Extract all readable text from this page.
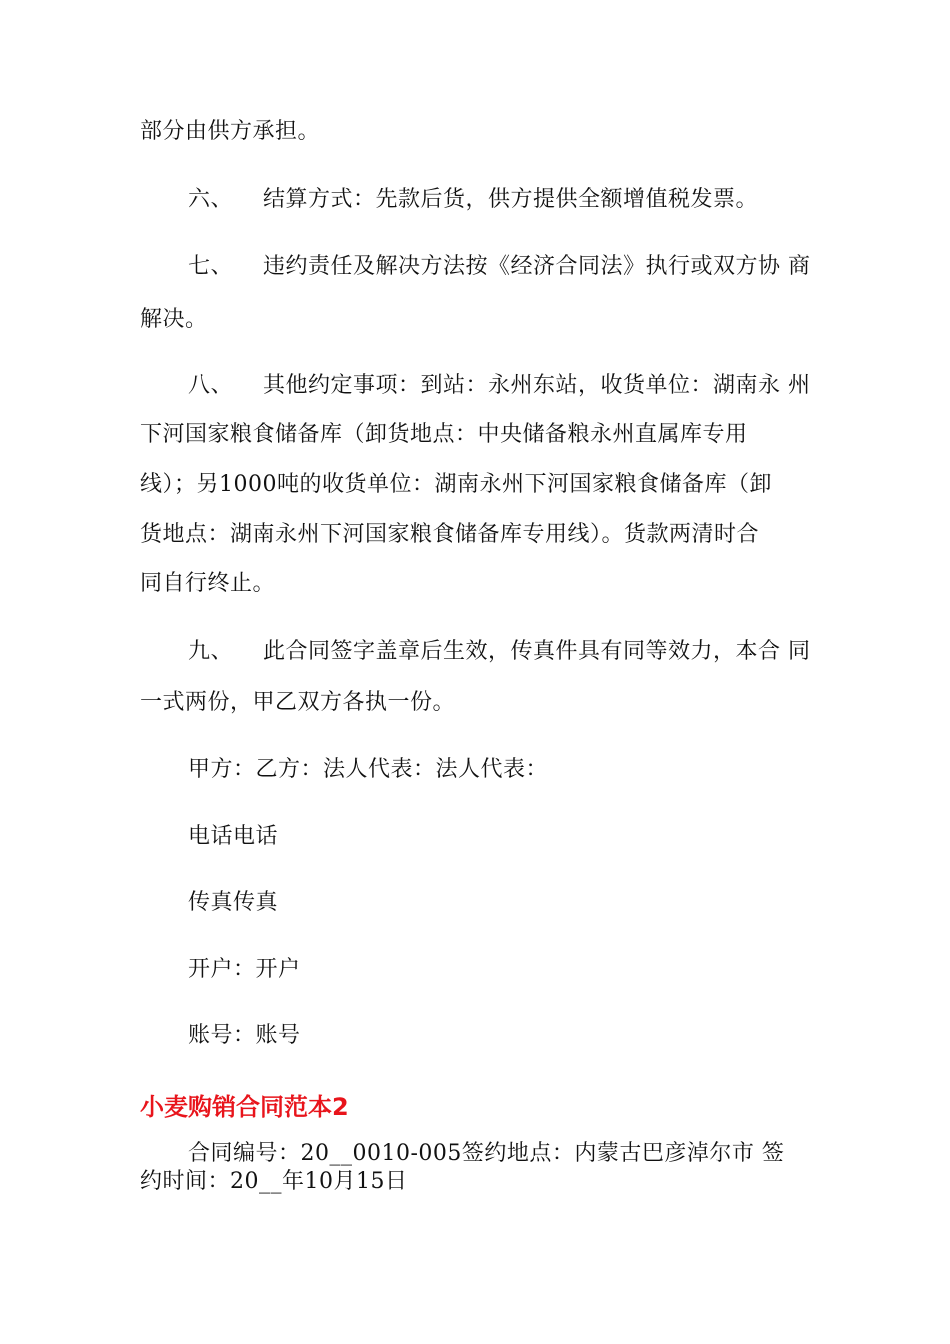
部分由供方承担。
六、 结算方式：先款后货，供方提供全额增值税发票。
七、 违约责任及解决方法按《经济合同法》执行或双方协 商
解决。
八、 其他约定事项：到站：永州东站，收货单位：湖南永 州
下河国家粮食储备库（卸货地点：中央储备粮永州直属库专用
线）；另1000吨的收货单位：湖南永州下河国家粮食储备库（卸
货地点：湖南永州下河国家粮食储备库专用线）。货款两清时合
同自行终止。
九、 此合同签字盖章后生效，传真件具有同等效力，本合 同
一式两份，甲乙双方各执一份。
甲方：乙方：法人代表：法人代表：
电话电话
传真传真
开户：开户
账号：账号
小麦购销合同范本2
合同编号：20__0010-005签约地点：内蒙古巴彦淖尔市 签
约时间：20__年10月15日
